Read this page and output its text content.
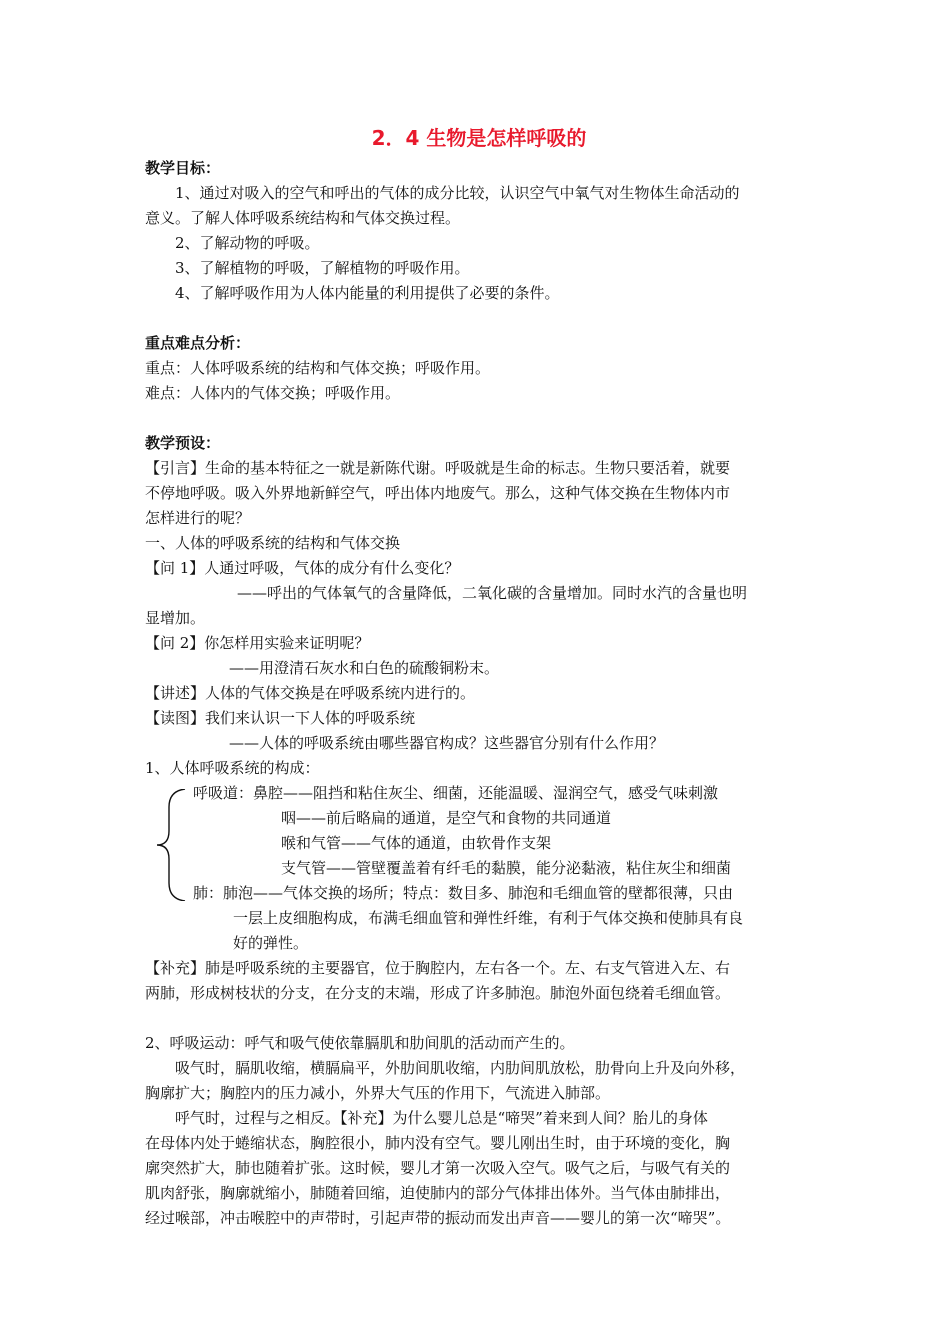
2．4 生物是怎样呼吸的

教学目标：

1、通过对吸入的空气和呼出的气体的成分比较，认识空气中氧气对生物体生命活动的

意义。了解人体呼吸系统结构和气体交换过程。

2、了解动物的呼吸。

3、了解植物的呼吸，了解植物的呼吸作用。

4、了解呼吸作用为人体内能量的利用提供了必要的条件。

重点难点分析：

重点：人体呼吸系统的结构和气体交换；呼吸作用。

难点：人体内的气体交换；呼吸作用。

教学预设：

【引言】生命的基本特征之一就是新陈代谢。呼吸就是生命的标志。生物只要活着，就要

不停地呼吸。吸入外界地新鲜空气，呼出体内地废气。那么，这种气体交换在生物体内市

怎样进行的呢？

一、人体的呼吸系统的结构和气体交换

【问 1】人通过呼吸，气体的成分有什么变化？

——呼出的气体氧气的含量降低，二氧化碳的含量增加。同时水汽的含量也明

显增加。

【问 2】你怎样用实验来证明呢？

——用澄清石灰水和白色的硫酸铜粉末。

【讲述】人体的气体交换是在呼吸系统内进行的。

【读图】我们来认识一下人体的呼吸系统

——人体的呼吸系统由哪些器官构成？这些器官分别有什么作用？

1、人体呼吸系统的构成：

呼吸道：鼻腔——阻挡和粘住灰尘、细菌，还能温暖、湿润空气，感受气味刺激

咽——前后略扁的通道，是空气和食物的共同通道

喉和气管——气体的通道，由软骨作支架

支气管——管壁覆盖着有纤毛的黏膜，能分泌黏液，粘住灰尘和细菌

肺：肺泡——气体交换的场所；特点：数目多、肺泡和毛细血管的壁都很薄，只由

一层上皮细胞构成，布满毛细血管和弹性纤维，有利于气体交换和使肺具有良

好的弹性。

【补充】肺是呼吸系统的主要器官，位于胸腔内，左右各一个。左、右支气管进入左、右

两肺，形成树枝状的分支，在分支的末端，形成了许多肺泡。肺泡外面包绕着毛细血管。

2、呼吸运动：呼气和吸气使依靠膈肌和肋间肌的活动而产生的。

吸气时，膈肌收缩，横膈扁平，外肋间肌收缩，内肋间肌放松，肋骨向上升及向外移，

胸廓扩大；胸腔内的压力减小，外界大气压的作用下，气流进入肺部。

呼气时，过程与之相反。【补充】为什么婴儿总是“啼哭”着来到人间？胎儿的身体

在母体内处于蜷缩状态，胸腔很小，肺内没有空气。婴儿刚出生时，由于环境的变化，胸

廓突然扩大，肺也随着扩张。这时候，婴儿才第一次吸入空气。吸气之后，与吸气有关的

肌肉舒张，胸廓就缩小，肺随着回缩，迫使肺内的部分气体排出体外。当气体由肺排出，

经过喉部，冲击喉腔中的声带时，引起声带的振动而发出声音——婴儿的第一次“啼哭”。
